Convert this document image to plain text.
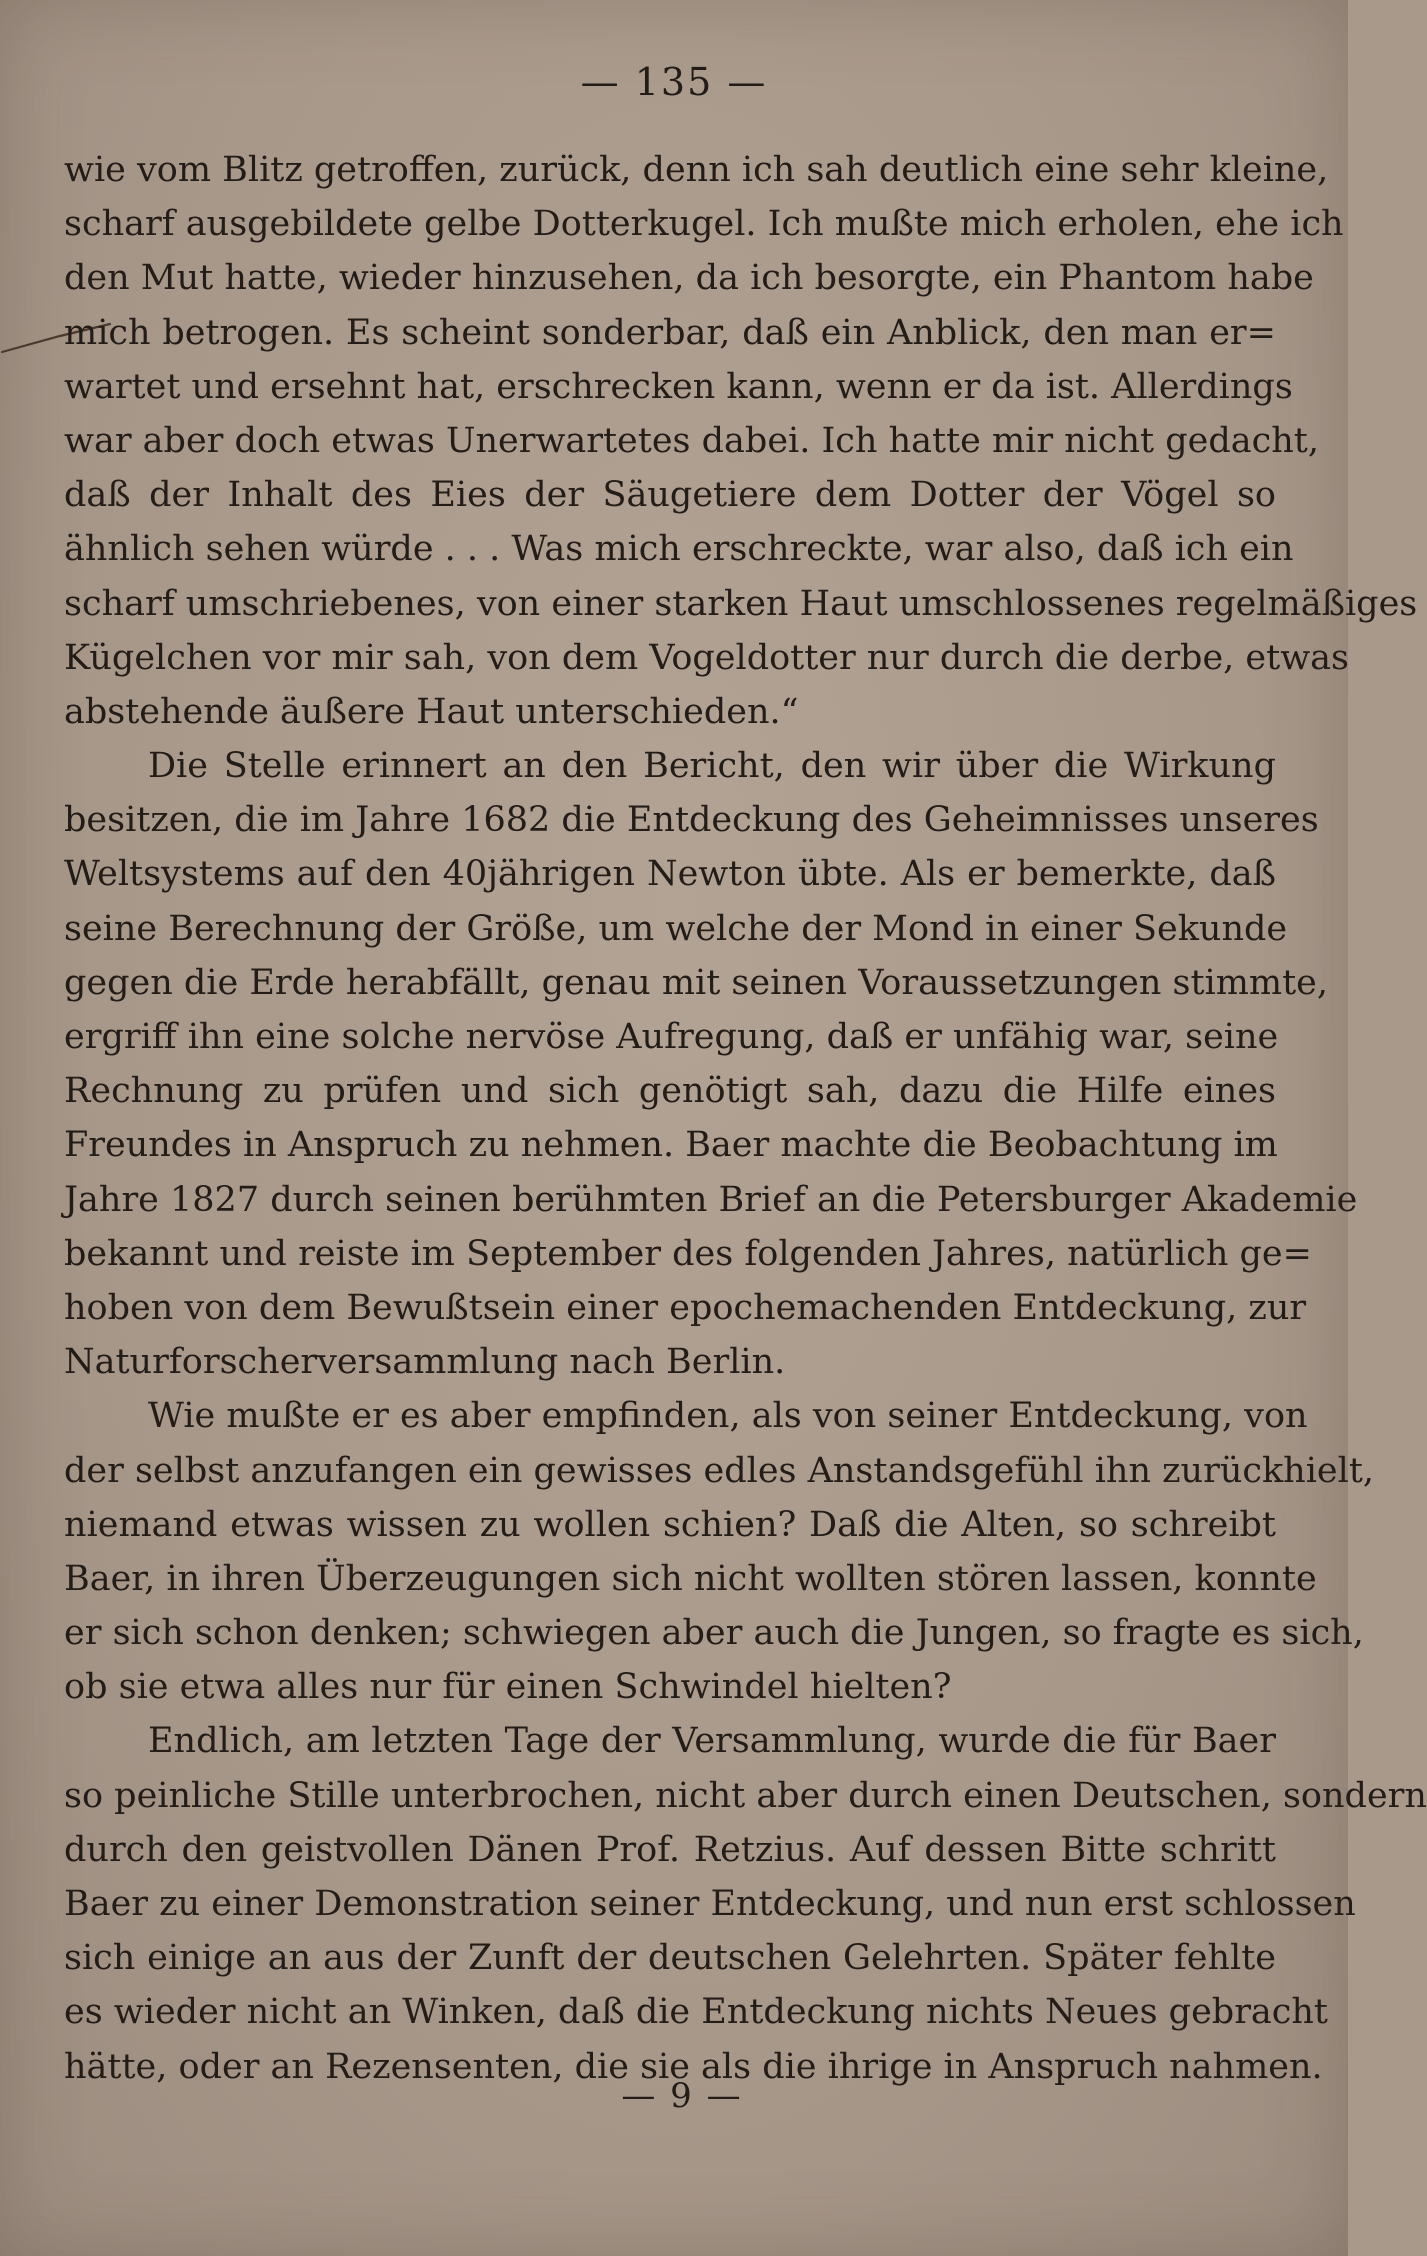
— 135 —
wie vom Blitz getroffen, zurück, denn ich sah deutlich eine sehr kleine,
scharf ausgebildete gelbe Dotterkugel. Ich mußte mich erholen, ehe ich
den Mut hatte, wieder hinzusehen, da ich besorgte, ein Phantom habe
mich betrogen. Es scheint sonderbar, daß ein Anblick, den man er=
wartet und ersehnt hat, erschrecken kann, wenn er da ist. Allerdings
war aber doch etwas Unerwartetes dabei. Ich hatte mir nicht gedacht,
daß der Inhalt des Eies der Säugetiere dem Dotter der Vögel so
ähnlich sehen würde . . . Was mich erschreckte, war also, daß ich ein
scharf umschriebenes, von einer starken Haut umschlossenes regelmäßiges
Kügelchen vor mir sah, von dem Vogeldotter nur durch die derbe, etwas
abstehende äußere Haut unterschieden.“
Die Stelle erinnert an den Bericht, den wir über die Wirkung
besitzen, die im Jahre 1682 die Entdeckung des Geheimnisses unseres
Weltsystems auf den 40jährigen Newton übte. Als er bemerkte, daß
seine Berechnung der Größe, um welche der Mond in einer Sekunde
gegen die Erde herabfällt, genau mit seinen Voraussetzungen stimmte,
ergriff ihn eine solche nervöse Aufregung, daß er unfähig war, seine
Rechnung zu prüfen und sich genötigt sah, dazu die Hilfe eines
Freundes in Anspruch zu nehmen. Baer machte die Beobachtung im
Jahre 1827 durch seinen berühmten Brief an die Petersburger Akademie
bekannt und reiste im September des folgenden Jahres, natürlich ge=
hoben von dem Bewußtsein einer epochemachenden Entdeckung, zur
Naturforscherversammlung nach Berlin.
Wie mußte er es aber empfinden, als von seiner Entdeckung, von
der selbst anzufangen ein gewisses edles Anstandsgefühl ihn zurückhielt,
niemand etwas wissen zu wollen schien? Daß die Alten, so schreibt
Baer, in ihren Überzeugungen sich nicht wollten stören lassen, konnte
er sich schon denken; schwiegen aber auch die Jungen, so fragte es sich,
ob sie etwa alles nur für einen Schwindel hielten?
Endlich, am letzten Tage der Versammlung, wurde die für Baer
so peinliche Stille unterbrochen, nicht aber durch einen Deutschen, sondern
durch den geistvollen Dänen Prof. Retzius. Auf dessen Bitte schritt
Baer zu einer Demonstration seiner Entdeckung, und nun erst schlossen
sich einige an aus der Zunft der deutschen Gelehrten. Später fehlte
es wieder nicht an Winken, daß die Entdeckung nichts Neues gebracht
hätte, oder an Rezensenten, die sie als die ihrige in Anspruch nahmen.
— 9 —
